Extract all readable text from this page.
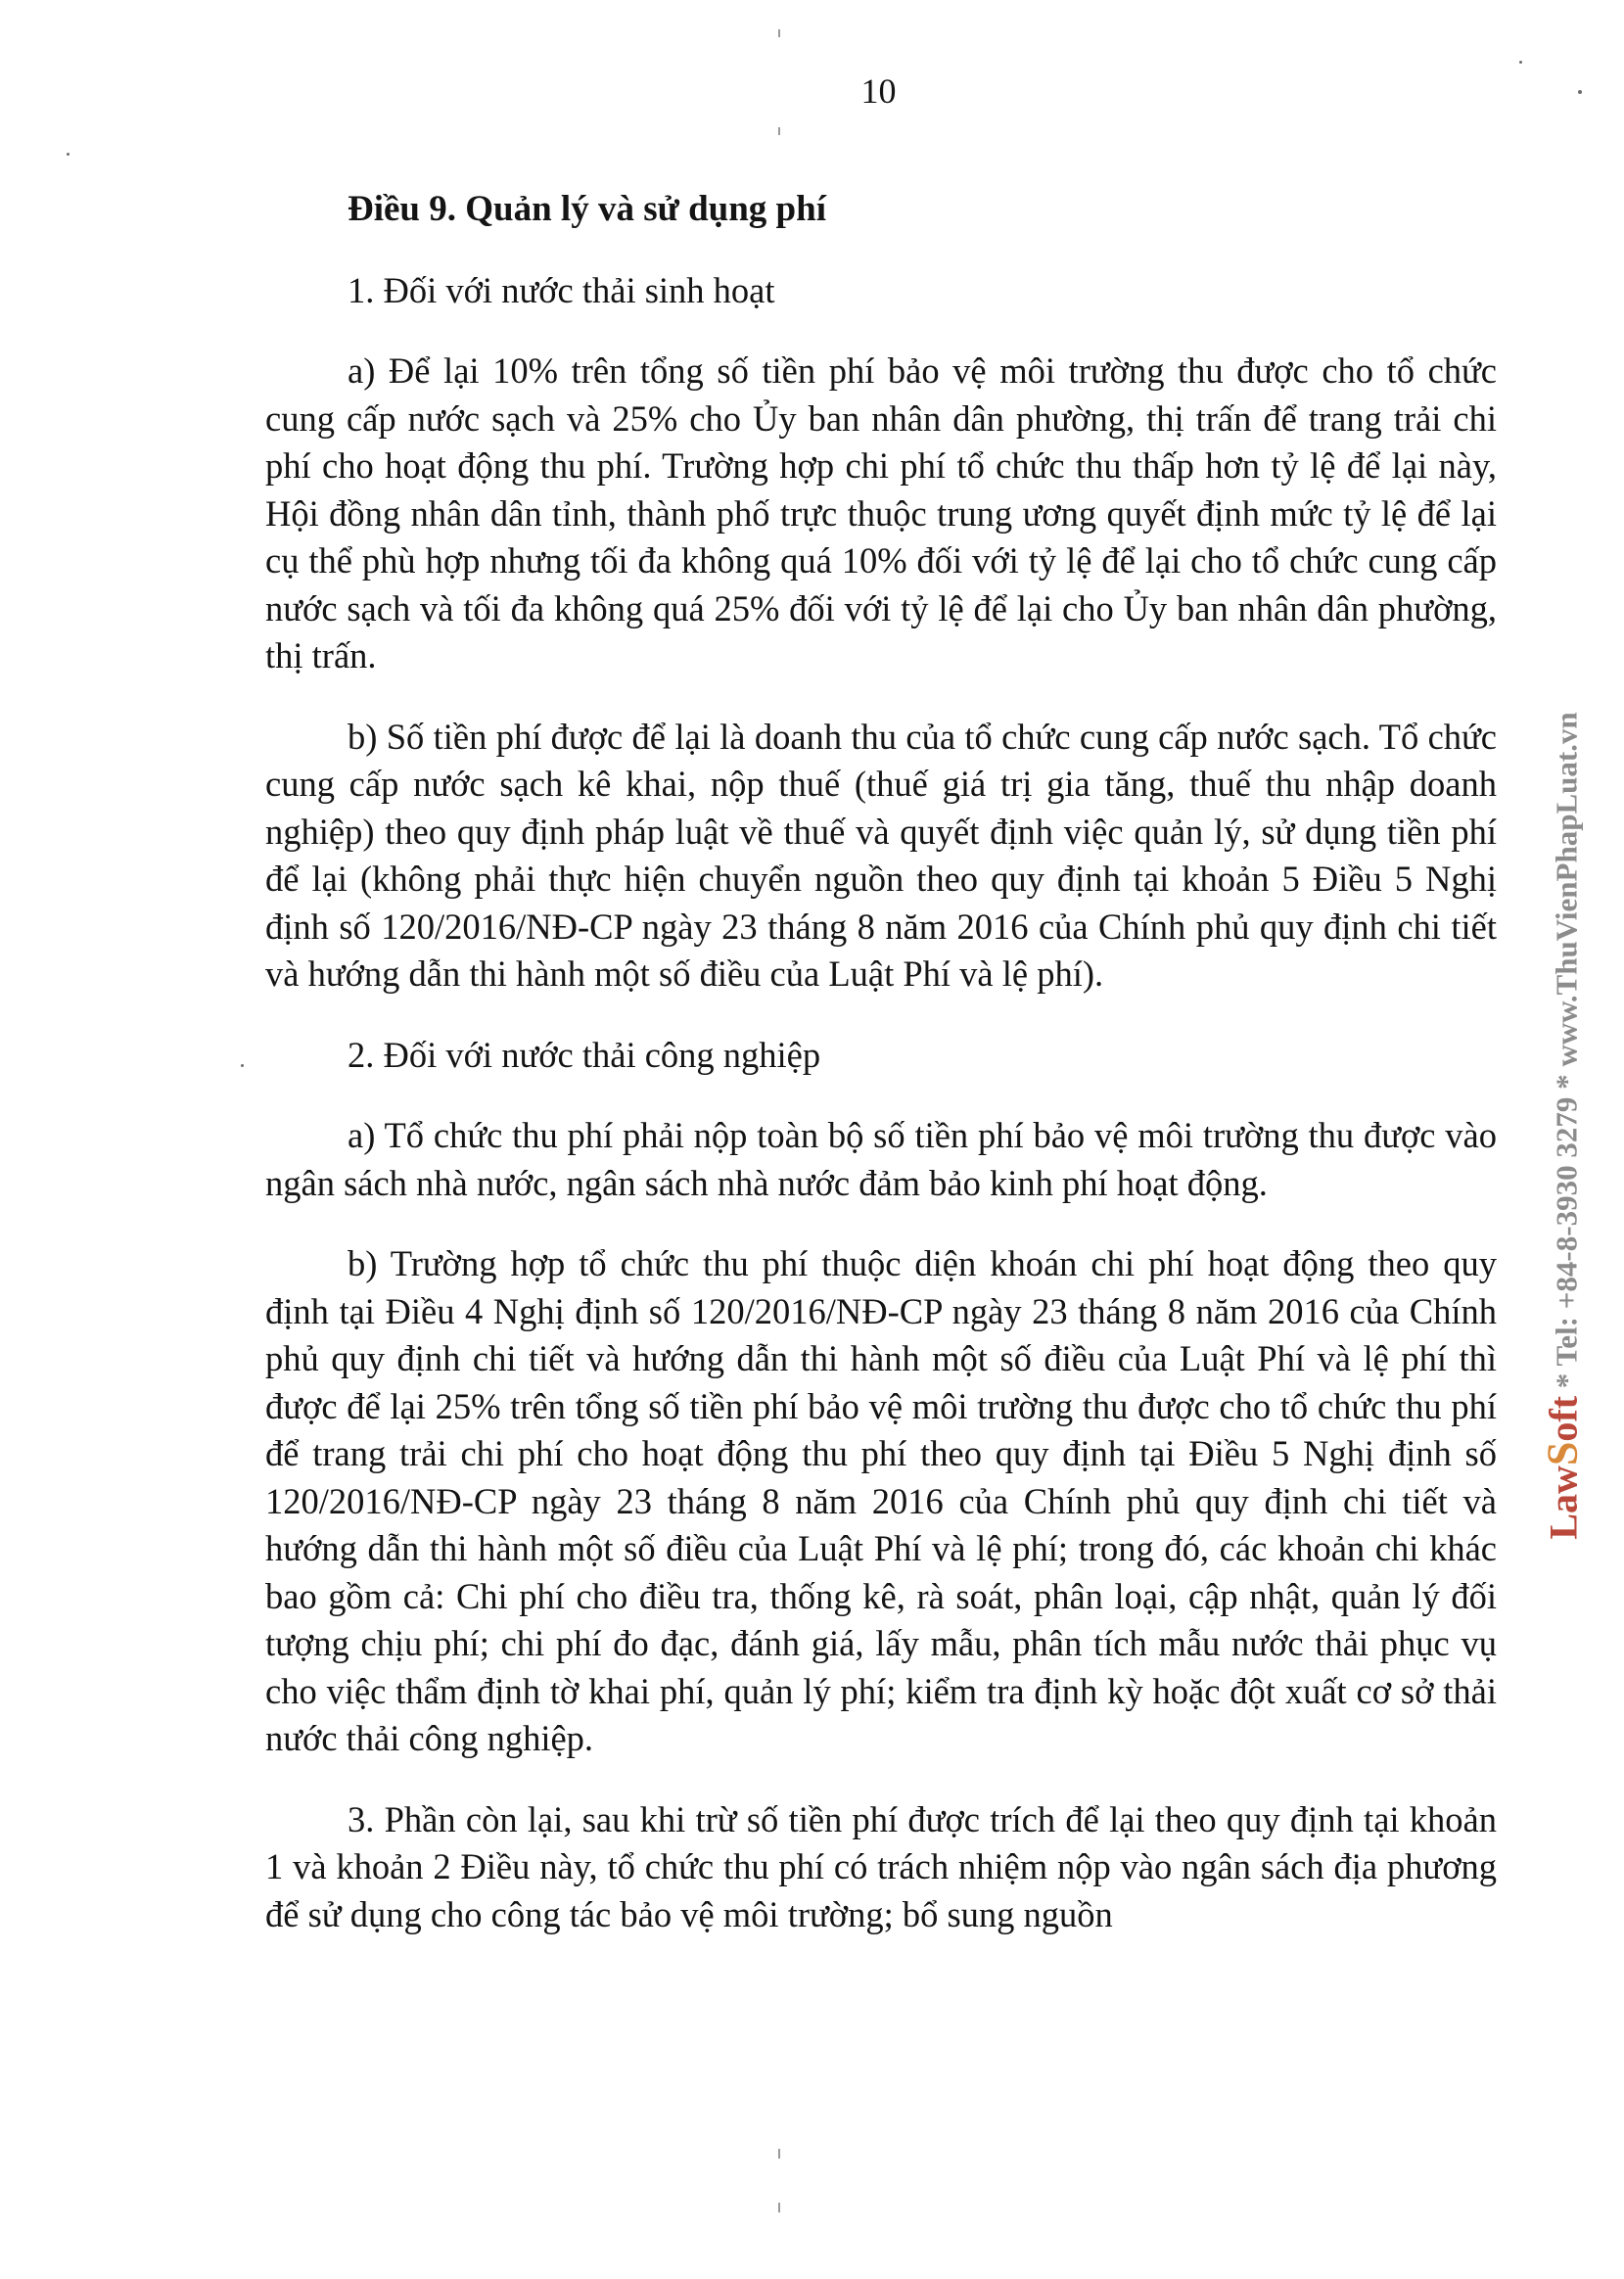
10
Điều 9. Quản lý và sử dụng phí
1. Đối với nước thải sinh hoạt

a) Để lại 10% trên tổng số tiền phí bảo vệ môi trường thu được cho tổ chức cung cấp nước sạch và 25% cho Ủy ban nhân dân phường, thị trấn để trang trải chi phí cho hoạt động thu phí. Trường hợp chi phí tổ chức thu thấp hơn tỷ lệ để lại này, Hội đồng nhân dân tỉnh, thành phố trực thuộc trung ương quyết định mức tỷ lệ để lại cụ thể phù hợp nhưng tối đa không quá 10% đối với tỷ lệ để lại cho tổ chức cung cấp nước sạch và tối đa không quá 25% đối với tỷ lệ để lại cho Ủy ban nhân dân phường, thị trấn.

b) Số tiền phí được để lại là doanh thu của tổ chức cung cấp nước sạch. Tổ chức cung cấp nước sạch kê khai, nộp thuế (thuế giá trị gia tăng, thuế thu nhập doanh nghiệp) theo quy định pháp luật về thuế và quyết định việc quản lý, sử dụng tiền phí để lại (không phải thực hiện chuyển nguồn theo quy định tại khoản 5 Điều 5 Nghị định số 120/2016/NĐ-CP ngày 23 tháng 8 năm 2016 của Chính phủ quy định chi tiết và hướng dẫn thi hành một số điều của Luật Phí và lệ phí).

2. Đối với nước thải công nghiệp

a) Tổ chức thu phí phải nộp toàn bộ số tiền phí bảo vệ môi trường thu được vào ngân sách nhà nước, ngân sách nhà nước đảm bảo kinh phí hoạt động.

b) Trường hợp tổ chức thu phí thuộc diện khoán chi phí hoạt động theo quy định tại Điều 4 Nghị định số 120/2016/NĐ-CP ngày 23 tháng 8 năm 2016 của Chính phủ quy định chi tiết và hướng dẫn thi hành một số điều của Luật Phí và lệ phí thì được để lại 25% trên tổng số tiền phí bảo vệ môi trường thu được cho tổ chức thu phí để trang trải chi phí cho hoạt động thu phí theo quy định tại Điều 5 Nghị định số 120/2016/NĐ-CP ngày 23 tháng 8 năm 2016 của Chính phủ quy định chi tiết và hướng dẫn thi hành một số điều của Luật Phí và lệ phí; trong đó, các khoản chi khác bao gồm cả: Chi phí cho điều tra, thống kê, rà soát, phân loại, cập nhật, quản lý đối tượng chịu phí; chi phí đo đạc, đánh giá, lấy mẫu, phân tích mẫu nước thải phục vụ cho việc thẩm định tờ khai phí, quản lý phí; kiểm tra định kỳ hoặc đột xuất cơ sở thải nước thải công nghiệp.

3. Phần còn lại, sau khi trừ số tiền phí được trích để lại theo quy định tại khoản 1 và khoản 2 Điều này, tổ chức thu phí có trách nhiệm nộp vào ngân sách địa phương để sử dụng cho công tác bảo vệ môi trường; bổ sung nguồn

LawSoft * Tel: +84-8-3930 3279 * www.ThuVienPhapLuat.vn
